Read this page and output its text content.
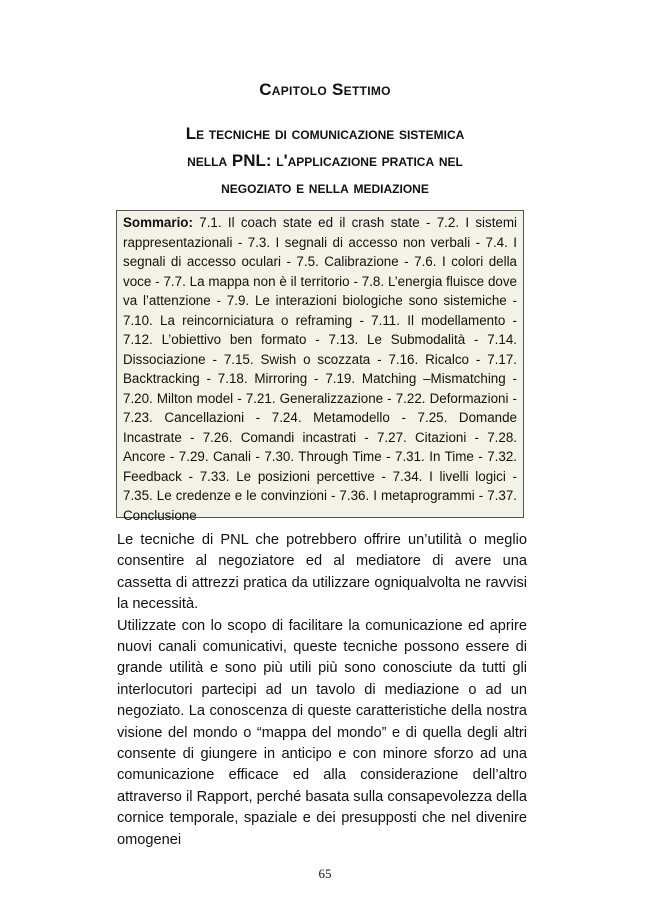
Capitolo Settimo
Le tecniche di comunicazione sistemica
nella PNL: l'applicazione pratica nel
negoziato e nella mediazione
Sommario: 7.1. Il coach state ed il crash state - 7.2. I sistemi rappresentazionali - 7.3. I segnali di accesso non verbali - 7.4. I segnali di accesso oculari - 7.5. Calibrazione - 7.6. I colori della voce - 7.7. La mappa non è il territorio - 7.8. L’energia fluisce dove va l’attenzione - 7.9. Le interazioni biologiche sono sistemiche - 7.10. La reincorniciatura o reframing - 7.11. Il modellamento - 7.12. L’obiettivo ben formato - 7.13. Le Submodalità - 7.14. Dissociazione - 7.15. Swish o scozzata - 7.16. Ricalco - 7.17. Backtracking - 7.18. Mirroring - 7.19. Matching –Mismatching - 7.20. Milton model - 7.21. Generalizzazione - 7.22. Deformazioni - 7.23. Cancellazioni - 7.24. Metamodello - 7.25. Domande Incastrate - 7.26. Comandi incastrati - 7.27. Citazioni - 7.28. Ancore - 7.29. Canali - 7.30. Through Time - 7.31. In Time - 7.32. Feedback - 7.33. Le posizioni percettive - 7.34. I livelli logici - 7.35. Le credenze e le convinzioni - 7.36. I metaprogrammi - 7.37. Conclusione

Le tecniche di PNL che potrebbero offrire un’utilità o meglio consentire al negoziatore ed al mediatore di avere una cassetta di attrezzi pratica da utilizzare ogniqualvolta ne ravvisi la necessità.

Utilizzate con lo scopo di facilitare la comunicazione ed aprire nuovi canali comunicativi, queste tecniche possono essere di grande utilità e sono più utili più sono conosciute da tutti gli interlocutori partecipi ad un tavolo di mediazione o ad un negoziato. La conoscenza di queste caratteristiche della nostra visione del mondo o “mappa del mondo” e di quella degli altri consente di giungere in anticipo e con minore sforzo ad una comunicazione efficace ed alla considerazione dell’altro attraverso il Rapport, perché basata sulla consapevolezza della cornice temporale, spaziale e dei presupposti che nel divenire omogenei

65
